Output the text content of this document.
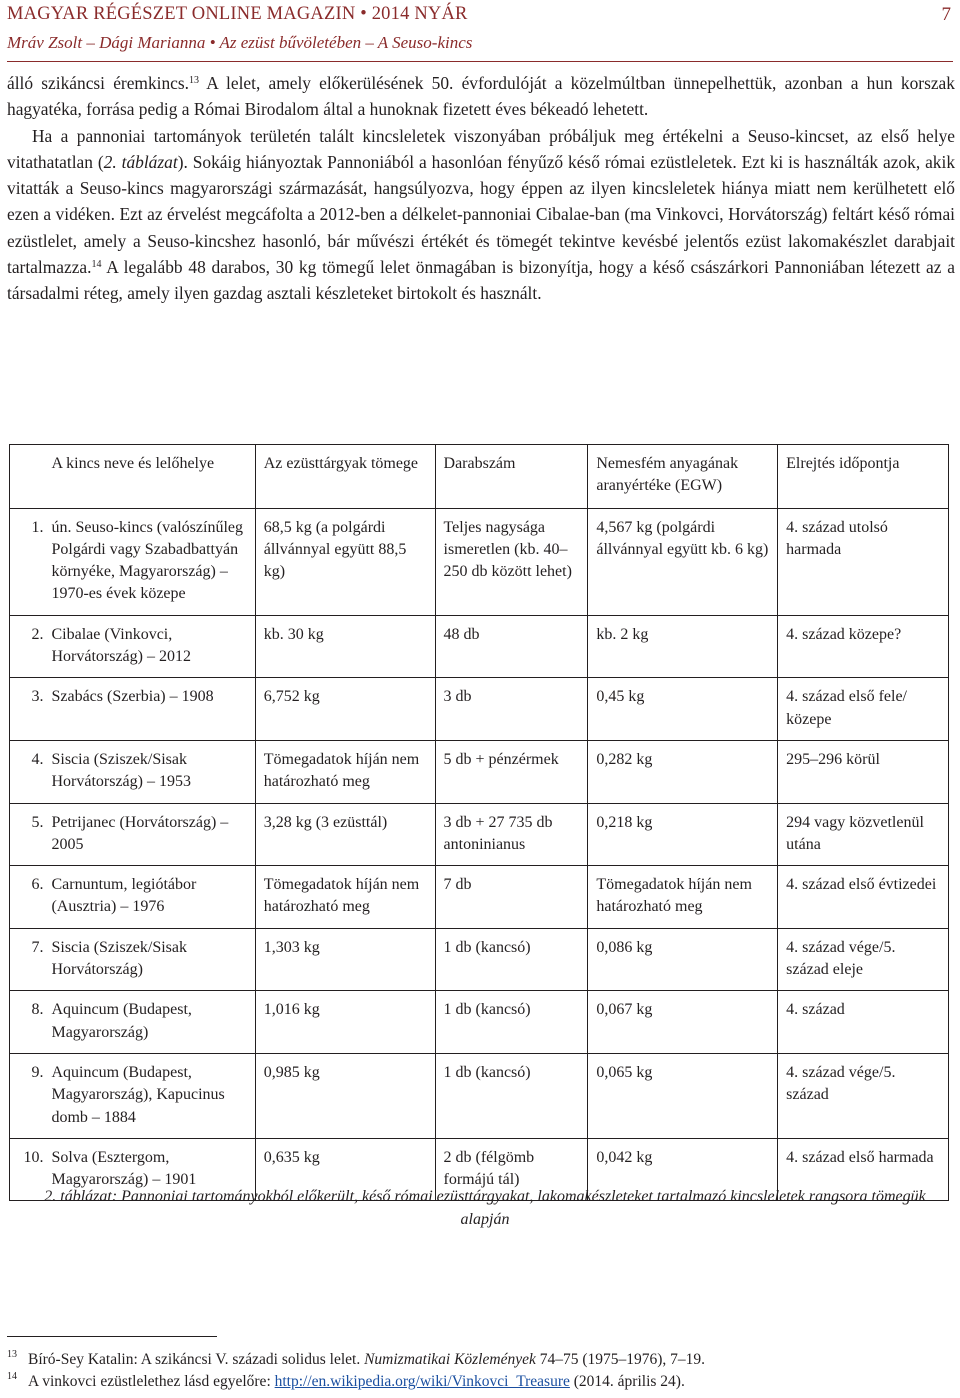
MAGYAR RÉGÉSZET ONLINE MAGAZIN • 2014 NYÁR	7
Mráv Zsolt – Dági Marianna • Az ezüst bűvöletében – A Seuso-kincs

álló szikáncsi éremkincs.$^{13}$ A lelet, amely előkerülésének 50. évfordulóját a közelmúltban ünnepelhettük, azonban a hun korszak hagyatéka, forrása pedig a Római Birodalom által a hunoknak fizetett éves békeadó lehetett.

Ha a pannoniai tartományok területén talált kincsleletek viszonyában próbáljuk meg értékelni a Seuso-kincset, az első helye vitathatatlan (2. táblázat). Sokáig hiányoztak Pannoniából a hasonlóan fényűző késő római ezüstleletek. Ezt ki is használták azok, akik vitatták a Seuso-kincs magyarországi származását, hangsúlyozva, hogy éppen az ilyen kincsleletek hiánya miatt nem kerülhetett elő ezen a vidéken. Ezt az érvelést megcáfolta a 2012-ben a délkelet-pannoniai Cibalae-ban (ma Vinkovci, Horvátország) feltárt késő római ezüstlelet, amely a Seuso-kincshez hasonló, bár művészi értékét és tömegét tekintve kevésbé jelentős ezüst lakomakészlet darabjait tartalmazza.$^{14}$ A legalább 48 darabos, 30 kg tömegű lelet önmagában is bizonyítja, hogy a késő császárkori Pannoniában létezett az a társadalmi réteg, amely ilyen gazdag asztali készleteket birtokolt és használt.

	A kincs neve és lelőhelye	Az ezüsttárgyak tömege	Darabszám	Nemesfém anyagának aranyértéke (EGW)	Elrejtés időpontja
1.	ún. Seuso-kincs (valószínűleg Polgárdi vagy Szabadbattyán környéke, Magyarország) – 1970-es évek közepe	68,5 kg (a polgárdi állvánnyal együtt 88,5 kg)	Teljes nagysága ismeretlen (kb. 40–250 db között lehet)	4,567 kg (polgárdi állvánnyal együtt kb. 6 kg)	4. század utolsó harmada
2.	Cibalae (Vinkovci, Horvátország) – 2012	kb. 30 kg	48 db	kb. 2 kg	4. század közepe?
3.	Szabács (Szerbia) – 1908	6,752 kg	3 db	0,45 kg	4. század első fele/ közepe
4.	Siscia (Sziszek/Sisak Horvátország) – 1953	Tömegadatok híján nem határozható meg	5 db + pénzérmek	0,282 kg	295–296 körül
5.	Petrijanec (Horvátország) – 2005	3,28 kg (3 ezüsttál)	3 db + 27 735 db antoninianus	0,218 kg	294 vagy közvetlenül utána
6.	Carnuntum, legiótábor (Ausztria) – 1976	Tömegadatok híján nem határozható meg	7 db	Tömegadatok híján nem határozható meg	4. század első évtizedei
7.	Siscia (Sziszek/Sisak Horvátország)	1,303 kg	1 db (kancsó)	0,086 kg	4. század vége/5. század eleje
8.	Aquincum (Budapest, Magyarország)	1,016 kg	1 db (kancsó)	0,067 kg	4. század
9.	Aquincum (Budapest, Magyarország), Kapucinus domb – 1884	0,985 kg	1 db (kancsó)	0,065 kg	4. század vége/5. század
10.	Solva (Esztergom, Magyarország) – 1901	0,635 kg	2 db (félgömb formájú tál)	0,042 kg	4. század első harmada
2. táblázat: Pannoniai tartományokból előkerült, késő római ezüsttárgyakat, lakomakészleteket tartalmazó kincsleletek rangsora tömegük alapján
13 Bíró-Sey Katalin: A szikáncsi V. századi solidus lelet. Numizmatikai Közlemények 74–75 (1975–1976), 7–19.
14 A vinkovci ezüstlelethez lásd egyelőre: http://en.wikipedia.org/wiki/Vinkovci_Treasure (2014. április 24).
